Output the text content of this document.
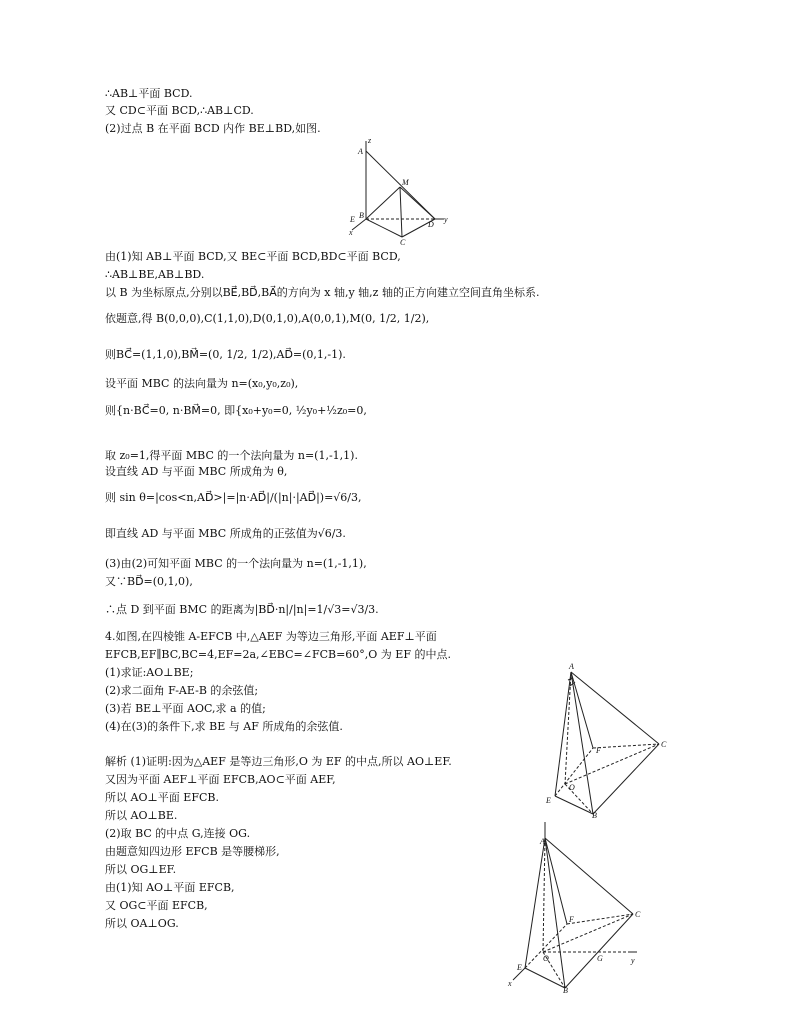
∴AB⊥平面 BCD.
又 CD⊂平面 BCD,∴AB⊥CD.
(2)过点 B 在平面 BCD 内作 BE⊥BD,如图.
由(1)知 AB⊥平面 BCD,又 BE⊂平面 BCD,BD⊂平面 BCD,
∴AB⊥BE,AB⊥BD.
以 B 为坐标原点,分别以BE⃗,BD⃗,BA⃗的方向为 x 轴,y 轴,z 轴的正方向建立空间直角坐标系.
依题意,得 B(0,0,0),C(1,1,0),D(0,1,0),A(0,0,1),M(0, 1/2, 1/2),
则BC⃗=(1,1,0),BM⃗=(0, 1/2, 1/2),AD⃗=(0,1,-1).
设平面 MBC 的法向量为 n=(x₀,y₀,z₀),
则{n·BC⃗=0, n·BM⃗=0, 即{x₀+y₀=0, ½y₀+½z₀=0,
取 z₀=1,得平面 MBC 的一个法向量为 n=(1,-1,1).
设直线 AD 与平面 MBC 所成角为 θ,
则 sin θ=|cos<n,AD⃗>|=|n·AD⃗|/(|n|·|AD⃗|)=√6/3,
即直线 AD 与平面 MBC 所成角的正弦值为√6/3.
(3)由(2)可知平面 MBC 的一个法向量为 n=(1,-1,1),
又∵BD⃗=(0,1,0),
∴点 D 到平面 BMC 的距离为|BD⃗·n|/|n|=1/√3=√3/3.
4.如图,在四棱锥 A-EFCB 中,△AEF 为等边三角形,平面 AEF⊥平面
EFCB,EF∥BC,BC=4,EF=2a,∠EBC=∠FCB=60°,O 为 EF 的中点.
(1)求证:AO⊥BE;
(2)求二面角 F-AE-B 的余弦值;
(3)若 BE⊥平面 AOC,求 a 的值;
(4)在(3)的条件下,求 BE 与 AF 所成角的余弦值.
解析 (1)证明:因为△AEF 是等边三角形,O 为 EF 的中点,所以 AO⊥EF.
又因为平面 AEF⊥平面 EFCB,AO⊂平面 AEF,
所以 AO⊥平面 EFCB.
所以 AO⊥BE.
(2)取 BC 的中点 G,连接 OG.
由题意知四边形 EFCB 是等腰梯形,
所以 OG⊥EF.
由(1)知 AO⊥平面 EFCB,
又 OG⊂平面 EFCB,
所以 OA⊥OG.
z
A
M
E B
D
y
C
x
A
F
C
O
E
B
A
F
C
O	G	y
E
x
B
